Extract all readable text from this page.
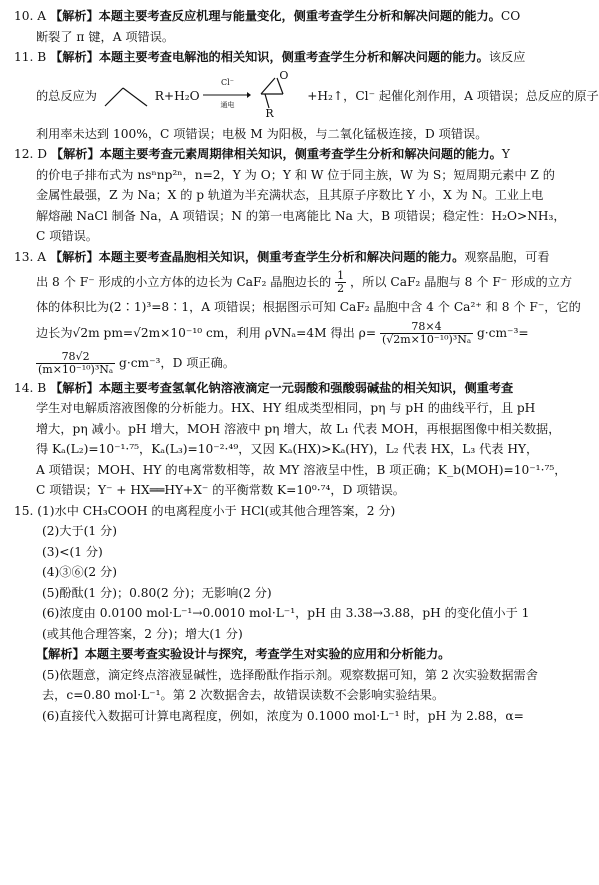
10. A 【解析】本题主要考查反应机理与能量变化，侧重考查学生分析和解决问题的能力。CO
断裂了 π 键，A 项错误。
11. B 【解析】本题主要考查电解池的相关知识，侧重考查学生分析和解决问题的能力。该反应
的总反应为	R+H₂O
Cl⁻
通电

O
R
+H₂↑，Cl⁻ 起催化剂作用，A 项错误；总反应的原子
利用率未达到 100%，C 项错误；电极 M 为阳极，与二氧化锰极连接，D 项错误。
12. D 【解析】本题主要考查元素周期律相关知识，侧重考查学生分析和解决问题的能力。Y
的价电子排布式为 nsⁿnp²ⁿ，n=2，Y 为 O；Y 和 W 位于同主族，W 为 S；短周期元素中 Z 的
金属性最强，Z 为 Na；X 的 p 轨道为半充满状态，且其原子序数比 Y 小，X 为 N。工业上电
解熔融 NaCl 制备 Na，A 项错误；N 的第一电离能比 Na 大，B 项错误；稳定性：H₂O>NH₃，
C 项错误。
13. A 【解析】本题主要考查晶胞相关知识，侧重考查学生分析和解决问题的能力。观察晶胞，可看
出 8 个 F⁻ 形成的小立方体的边长为 CaF₂ 晶胞边长的 $\frac{1}{2}$ ，所以 CaF₂ 晶胞与 8 个 F⁻ 形成的立方
体的体积比为(2∶1)³=8∶1，A 项错误；根据图示可知 CaF₂ 晶胞中含 4 个 Ca²⁺ 和 8 个 F⁻，它的
边长为√2m pm=√2m×10⁻¹⁰ cm，利用 ρVNₐ=4M 得出 $\rho= \frac{78\times 4}{\text{(√2m×10⁻¹⁰)³Nₐ}} g\cdot cm^{-3}=$
$\frac{78√2}{\text{(m×10⁻¹⁰)³Nₐ}} g\cdot cm^{-3}$，D 项正确。
14. B 【解析】本题主要考查氢氧化钠溶液滴定一元弱酸和强酸弱碱盐的相关知识，侧重考查
学生对电解质溶液图像的分析能力。HX、HY 组成类型相同，pη 与 pH 的曲线平行，且 pH
增大，pη 减小。pH 增大，MOH 溶液中 pη 增大，故 L₁ 代表 MOH，再根据图像中相关数据，
得 Kₐ(L₂)=10⁻¹·⁷⁵，Kₐ(L₃)=10⁻²·⁴⁹，又因 Kₐ(HX)>Kₐ(HY)，L₂ 代表 HX，L₃ 代表 HY，
A 项错误；MOH、HY 的电离常数相等，故 MY 溶液呈中性，B 项正确；K_b(MOH)=10⁻¹·⁷⁵，
C 项错误；Y⁻ + HX══HY+X⁻ 的平衡常数 K=10⁰·⁷⁴，D 项错误。
15. (1)水中 CH₃COOH 的电离程度小于 HCl(或其他合理答案，2 分)
(2)大于(1 分)
(3)<(1 分)
(4)③⑥(2 分)
(5)酚酞(1 分)；0.80(2 分)；无影响(2 分)
(6)浓度由 0.0100 mol·L⁻¹→0.0010 mol·L⁻¹，pH 由 3.38→3.88，pH 的变化值小于 1
(或其他合理答案，2 分)；增大(1 分)
【解析】本题主要考查实验设计与探究，考查学生对实验的应用和分析能力。
(5)依题意，滴定终点溶液显碱性，选择酚酞作指示剂。观察数据可知，第 2 次实验数据需舍
去，c=0.80 mol·L⁻¹。第 2 次数据舍去，故错误读数不会影响实验结果。
(6)直接代入数据可计算电离程度，例如，浓度为 0.1000 mol·L⁻¹ 时，pH 为 2.88，α=
